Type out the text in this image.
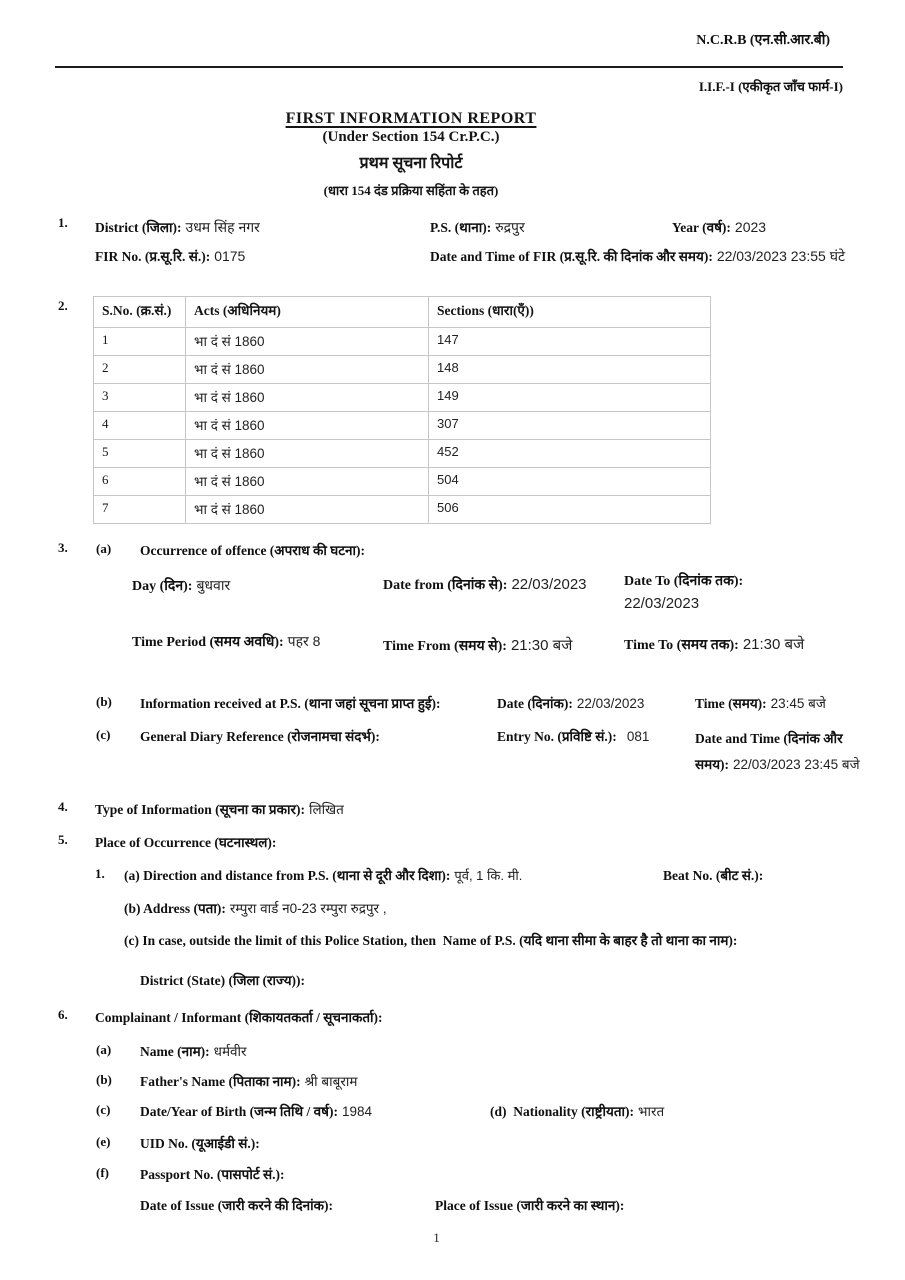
N.C.R.B (एन.सी.आर.बी)
I.I.F.-I (एकीकृत जाँच फार्म-I)
FIRST INFORMATION REPORT
(Under Section 154 Cr.P.C.)
प्रथम सूचना रिपोर्ट
(धारा 154 दंड प्रक्रिया सहिंता के तहत)
1. District (जिला): उधम सिंह नगर	P.S. (थाना): रुद्रपुर	Year (वर्ष): 2023
FIR No. (प्र.सू.रि. सं.): 0175	Date and Time of FIR (प्र.सू.रि. की दिनांक और समय): 22/03/2023 23:55 घंटे
2.	S.No. (क्र.सं.)	Acts (अधिनियम)	Sections (धारा(एँ))
1	भा दं सं 1860	147
2	भा दं सं 1860	148
3	भा दं सं 1860	149
4	भा दं सं 1860	307
5	भा दं सं 1860	452
6	भा दं सं 1860	504
7	भा दं सं 1860	506
3. (a) Occurrence of offence (अपराध की घटना):
Day (दिन): बुधवार	Date from (दिनांक से): 22/03/2023	Date To (दिनांक तक):
22/03/2023
Time Period (समय अवधि): पहर 8	Time From (समय से): 21:30 बजे	Time To (समय तक): 21:30 बजे
(b) Information received at P.S. (थाना जहां सूचना प्राप्त हुई):	Date (दिनांक): 22/03/2023	Time (समय): 23:45 बजे
(c) General Diary Reference (रोजनामचा संदर्भ):	Entry No. (प्रविष्टि सं.): 081	Date and Time (दिनांक और समय): 22/03/2023 23:45 बजे
4. Type of Information (सूचना का प्रकार): लिखित
5. Place of Occurrence (घटनास्थल):
1. (a) Direction and distance from P.S. (थाना से दूरी और दिशा): पूर्व, 1 कि. मी.	Beat No. (बीट सं.):
(b) Address (पता): रम्पुरा वार्ड न0-23 रम्पुरा रुद्रपुर ,
(c) In case, outside the limit of this Police Station, then  Name of P.S. (यदि थाना सीमा के बाहर है तो थाना का नाम):
District (State) (जिला (राज्य)):
6. Complainant / Informant (शिकायतकर्ता / सूचनाकर्ता):
(a) Name (नाम): धर्मवीर
(b) Father's Name (पिताका नाम): श्री बाबूराम
(c) Date/Year of Birth (जन्म तिथि / वर्ष): 1984	(d)  Nationality (राष्ट्रीयता): भारत
(e) UID No. (यूआईडी सं.):
(f) Passport No. (पासपोर्ट सं.):
Date of Issue (जारी करने की दिनांक):	Place of Issue (जारी करने का स्थान):
1
